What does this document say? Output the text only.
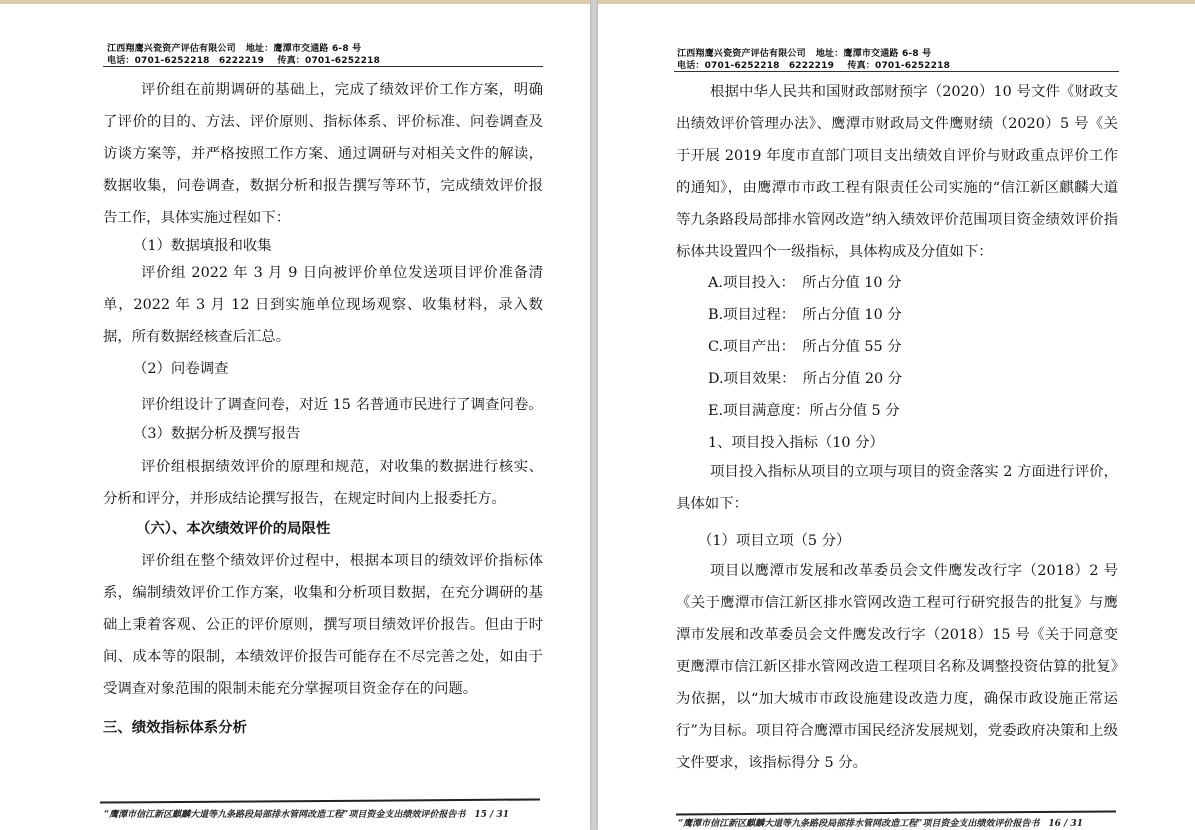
江西翔鹰兴瓷资产评估有限公司 地址：鹰潭市交通路 6-8 号
电话：0701-6252218　6222219 传真：0701-6252218

评价组在前期调研的基础上，完成了绩效评价工作方案，明确了评价的目的、方法、评价原则、指标体系、评价标准、问卷调查及访谈方案等，并严格按照工作方案、通过调研与对相关文件的解读，数据收集，问卷调查，数据分析和报告撰写等环节，完成绩效评价报告工作，具体实施过程如下：

（1）数据填报和收集

评价组 2022 年 3 月 9 日向被评价单位发送项目评价准备清单，2022 年 3 月 12 日到实施单位现场观察、收集材料，录入数据，所有数据经核查后汇总。

（2）问卷调查
评价组设计了调查问卷，对近 15 名普通市民进行了调查问卷。
（3）数据分析及撰写报告

评价组根据绩效评价的原理和规范，对收集的数据进行核实、分析和评分，并形成结论撰写报告，在规定时间内上报委托方。

（六）、本次绩效评价的局限性

评价组在整个绩效评价过程中，根据本项目的绩效评价指标体系，编制绩效评价工作方案，收集和分析项目数据，在充分调研的基础上秉着客观、公正的评价原则，撰写项目绩效评价报告。但由于时间、成本等的限制，本绩效评价报告可能存在不尽完善之处，如由于受调查对象范围的限制未能充分掌握项目资金存在的问题。

三、绩效指标体系分析
“鹰潭市信江新区麒麟大道等九条路段局部排水管网改造工程”项目资金支出绩效评价报告书　15 / 31
江西翔鹰兴瓷资产评估有限公司 地址：鹰潭市交通路 6-8 号
电话：0701-6252218　6222219 传真：0701-6252218

根据中华人民共和国财政部财预字（2020）10 号文件《财政支出绩效评价管理办法》、鹰潭市财政局文件鹰财绩（2020）5 号《关于开展 2019 年度市直部门项目支出绩效自评价与财政重点评价工作的通知》，由鹰潭市市政工程有限责任公司实施的“信江新区麒麟大道等九条路段局部排水管网改造”纳入绩效评价范围项目资金绩效评价指标体共设置四个一级指标，具体构成及分值如下：

A.项目投入：　所占分值 10 分
B.项目过程：　所占分值 10 分
C.项目产出：　所占分值 55 分
D.项目效果：　所占分值 20 分
E.项目满意度：所占分值 5 分
1、项目投入指标（10 分）

项目投入指标从项目的立项与项目的资金落实 2 方面进行评价，具体如下：

（1）项目立项（5 分）

项目以鹰潭市发展和改革委员会文件鹰发改行字（2018）2 号《关于鹰潭市信江新区排水管网改造工程可行研究报告的批复》与鹰潭市发展和改革委员会文件鹰发改行字（2018）15 号《关于同意变更鹰潭市信江新区排水管网改造工程项目名称及调整投资估算的批复》为依据，以“加大城市市政设施建设改造力度，确保市政设施正常运行”为目标。项目符合鹰潭市国民经济发展规划，党委政府决策和上级文件要求，该指标得分 5 分。

“鹰潭市信江新区麒麟大道等九条路段局部排水管网改造工程”项目资金支出绩效评价报告书　16 / 31
